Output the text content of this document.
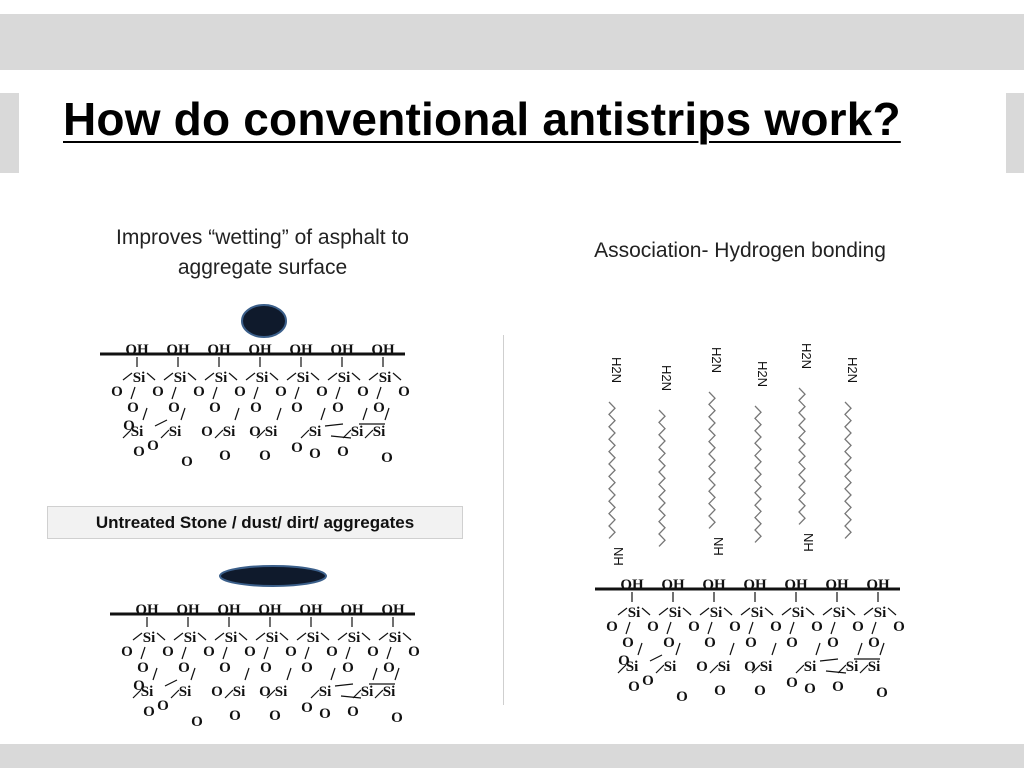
How do conventional antistrips work?
Improves “wetting” of asphalt to aggregate surface
Association- Hydrogen bonding
OH
Si
OH
Si
OH
Si
OH
Si
OH
Si
OH
Si
OH
Si
O
O
O
O
O
O
O
O
O
O
O
O
O
O
O
Si Si	Si Si Si Si Si
O
O O
O
O
O
O
O O O O O
Untreated Stone / dust/ dirt/ aggregates
OH
Si
OH
Si
OH
Si
OH
Si
OH
Si
OH
Si
OH
Si
O
O
O
O
O
O
O
O
O
O
O
O
O
O
O
Si Si	Si Si Si Si Si
O
O O
O
O
O
O
O O O O O
H2N
NH
H2N
H2N
NH
H2N
H2N
NH
H2N
OH
Si
OH
Si
OH
Si
OH
Si
OH
Si
OH
Si
OH
Si
O
O
O
O
O
O
O
O
O
O
O
O
O
O
O
Si Si	Si Si Si Si Si
O
O O
O
O
O
O
O O O O O
